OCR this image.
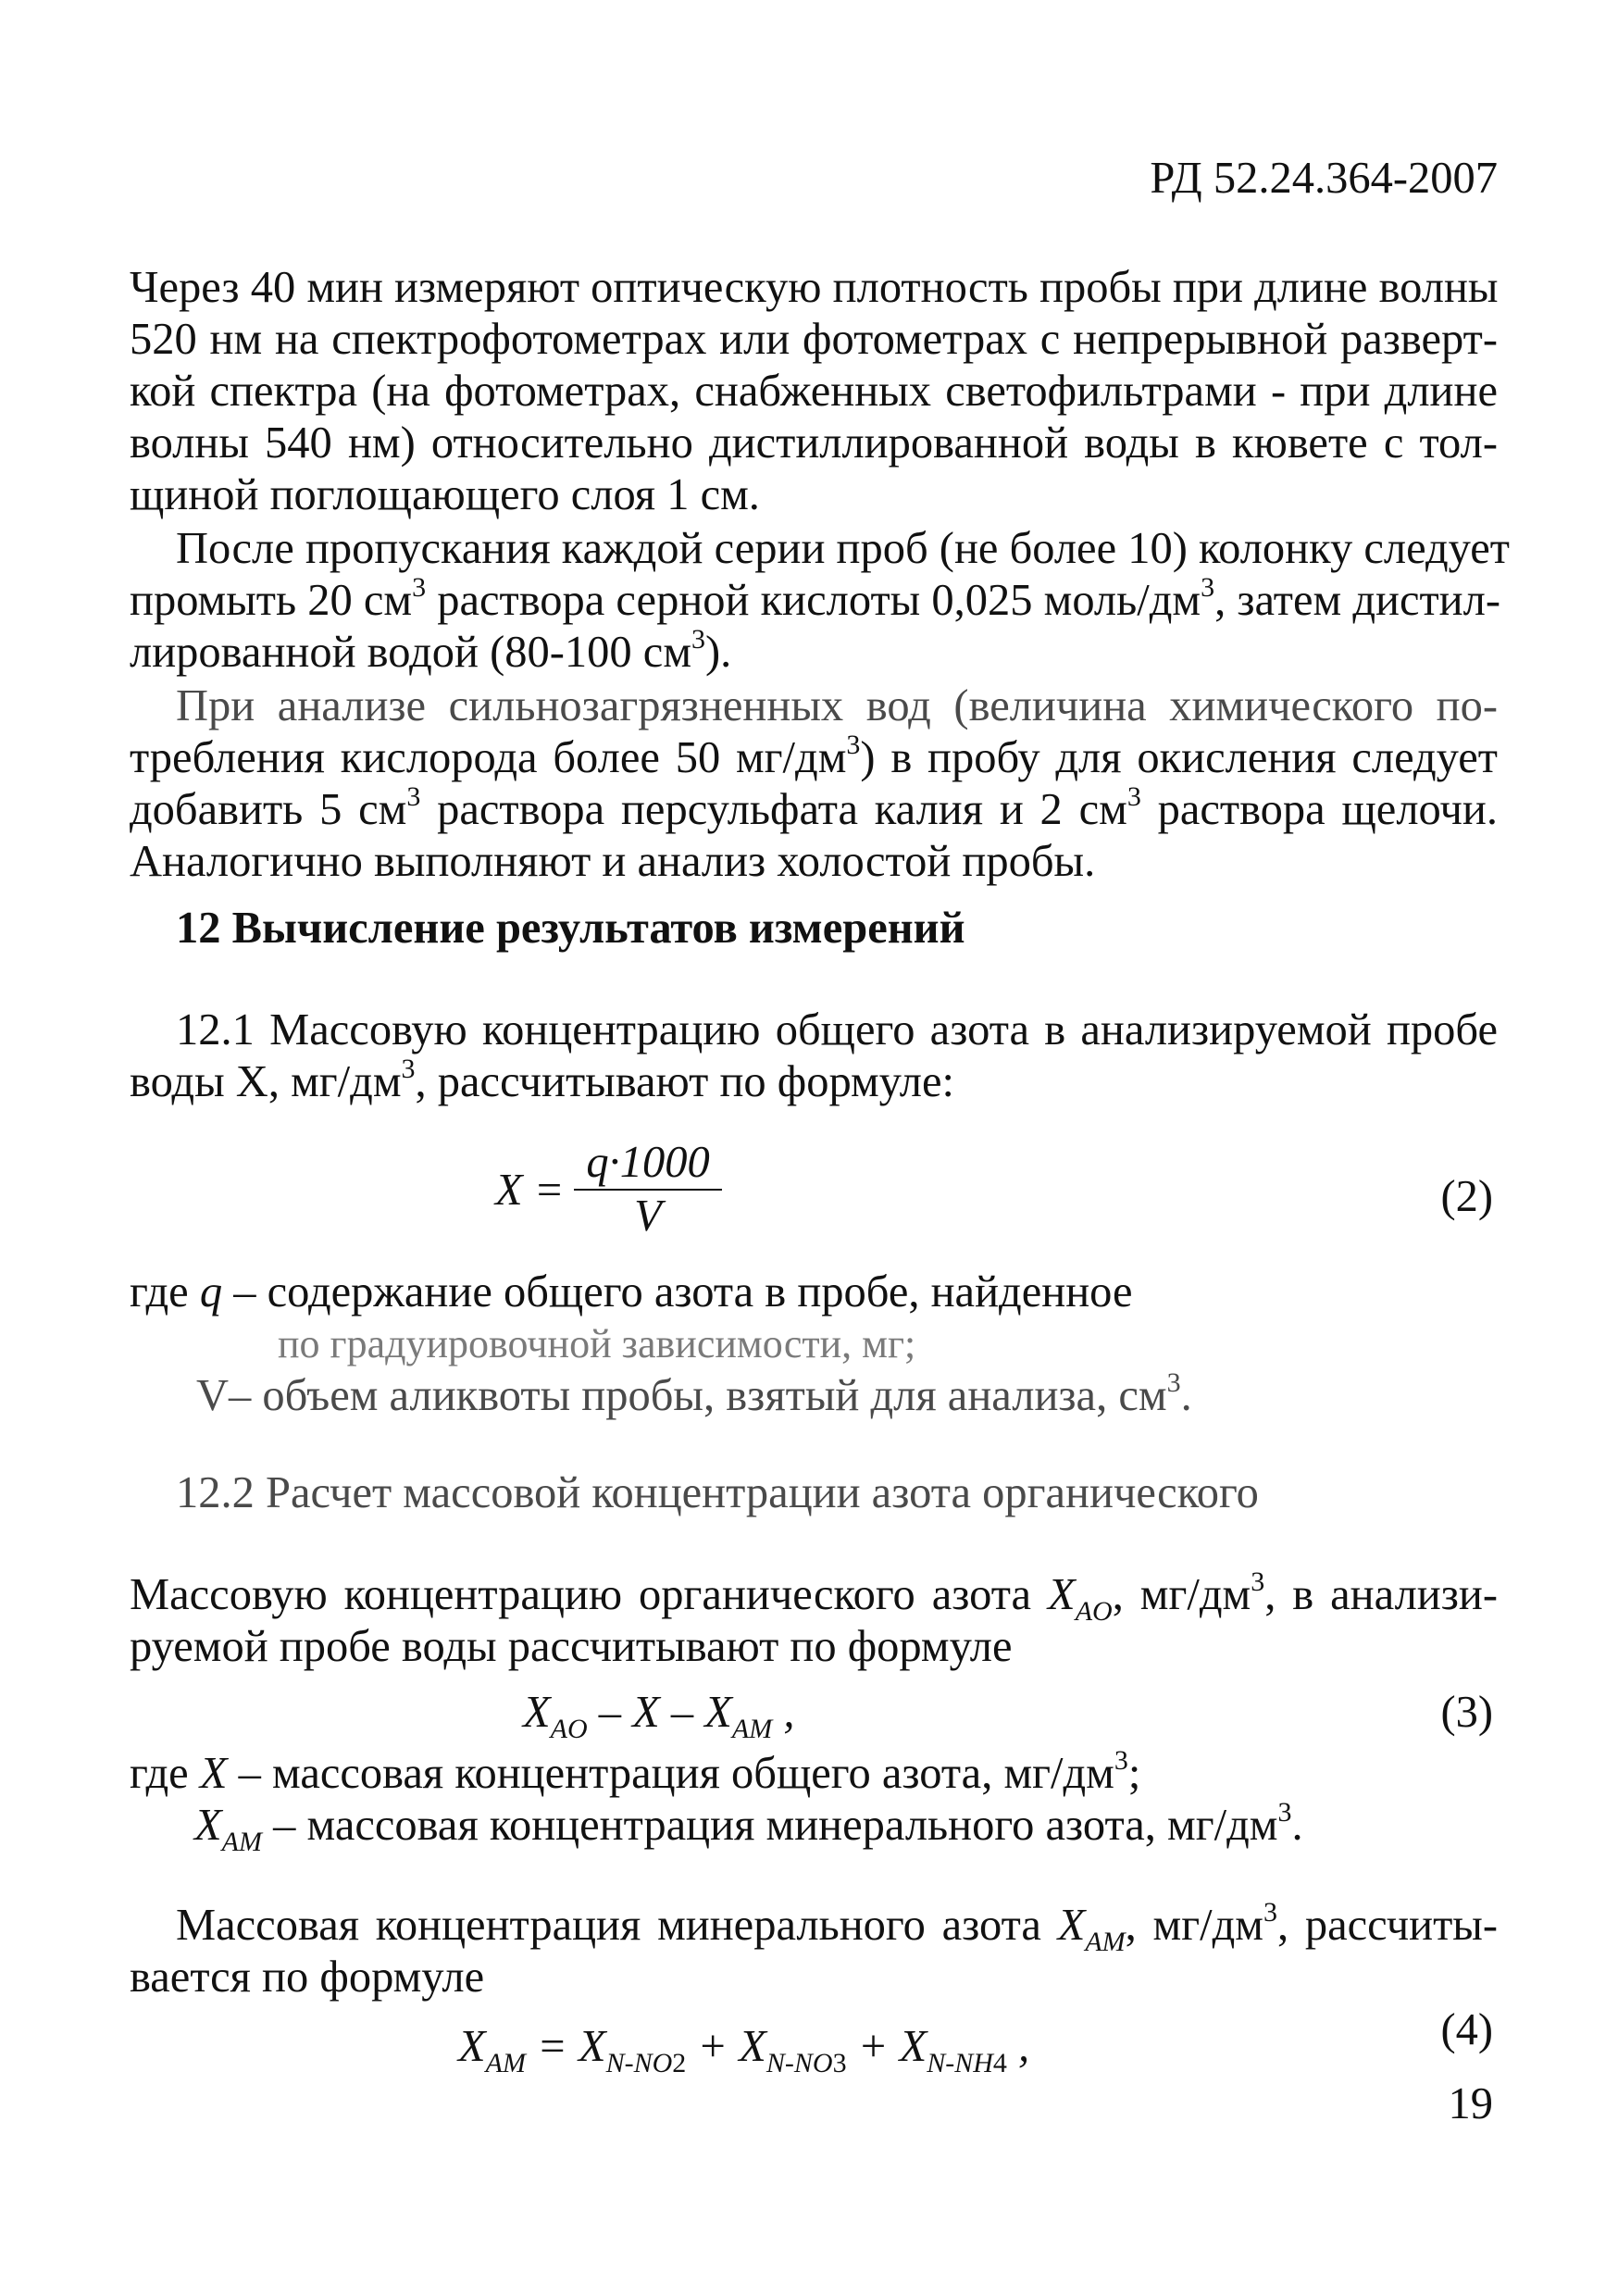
РД 52.24.364-2007
Через 40 мин измеряют оптическую плотность пробы при длине волны
520 нм на спектрофотометрах или фотометрах с непрерывной разверт-
кой спектра (на фотометрах, снабженных светофильтрами - при длине
волны 540 нм) относительно дистиллированной воды в кювете с тол-
щиной поглощающего слоя 1 см.
После пропускания каждой серии проб (не более 10) колонку следует
промыть 20 $см^3$ раствора серной кислоты 0,025 моль/$дм^3$, затем дистил-
лированной водой (80-100 $см^3$).
При анализе сильнозагрязненных вод (величина химического по-
требления кислорода более 50 $мг/дм^3$) в пробу для окисления следует
добавить 5 $см^3$ раствора персульфата калия и 2 $см^3$ раствора щелочи.
Аналогично выполняют и анализ холостой пробы.
12 Вычисление результатов измерений
12.1 Массовую концентрацию общего азота в анализируемой пробе
воды X, $мг/дм^3$, рассчитывают по формуле:
X =
q·1000
V	(2)
где q – содержание общего азота в пробе, найденное
по градуировочной зависимости, мг;
V– объем аликвоты пробы, взятый для анализа, $см^3$.
12.2 Расчет массовой концентрации азота органического
Массовую концентрацию органического азота $X_{AO}$, $мг/дм^3$, в анализи-
руемой пробе воды рассчитывают по формуле
$X_{AO}$ – X – $X_{AM}$ ,	(3)
где X – массовая концентрация общего азота, $мг/дм^3$;
$X_{AM}$ – массовая концентрация минерального азота, $мг/дм^3$.
Массовая концентрация минерального азота $X_{AM}$, $мг/дм^3$, рассчиты-
вается по формуле
$X_{AM} = X_{N-NO2} + X_{N-NO3} + X_{N-NH4}$ ,	(4)
19
